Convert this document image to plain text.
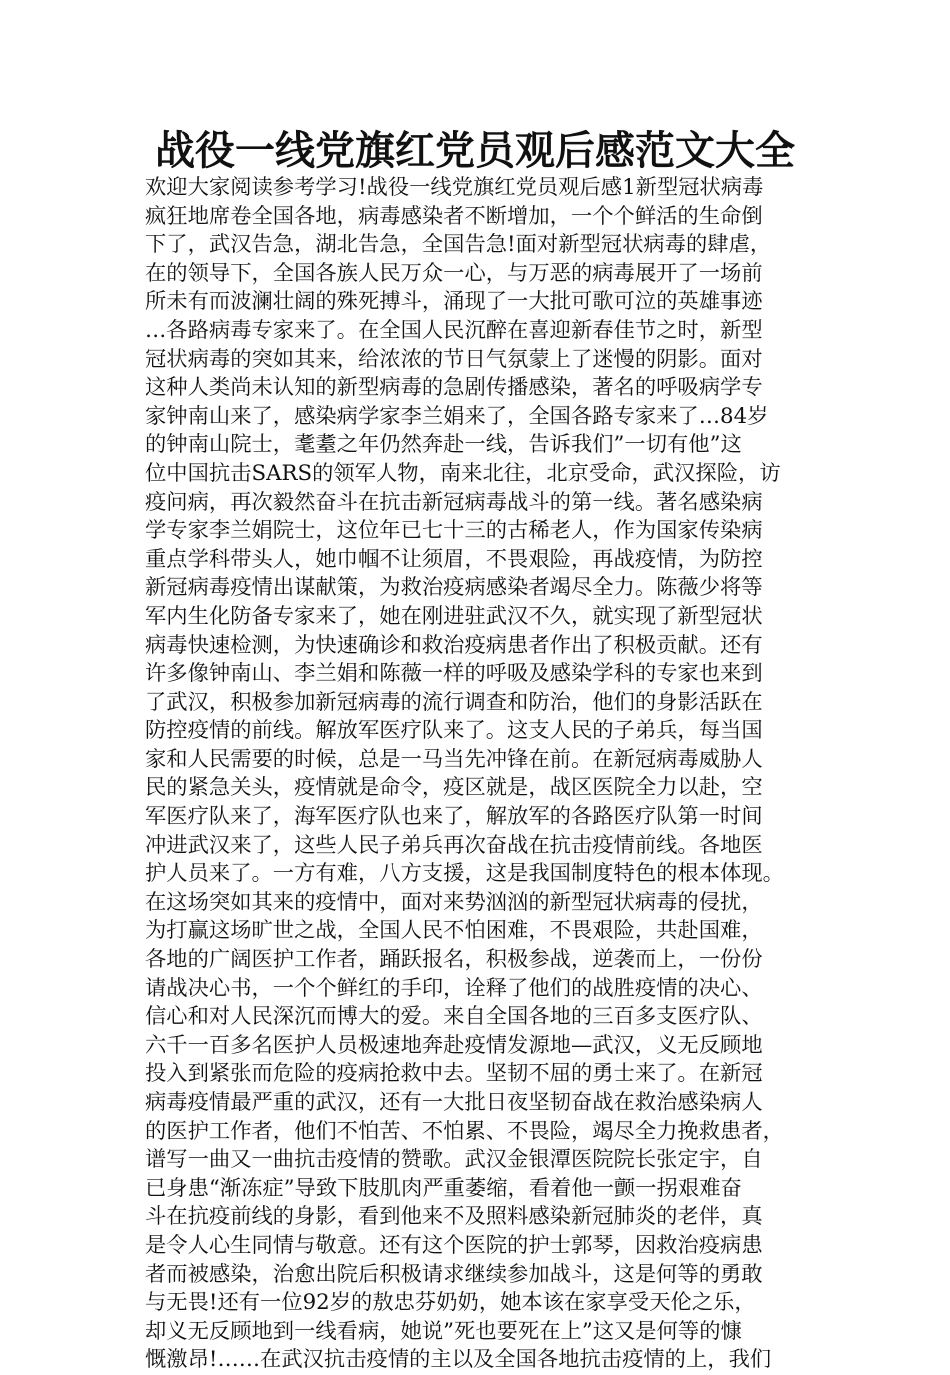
战役一线党旗红党员观后感范文大全
欢迎大家阅读参考学习!战役一线党旗红党员观后感1新型冠状病毒
疯狂地席卷全国各地，病毒感染者不断增加，一个个鲜活的生命倒
下了，武汉告急，湖北告急，全国告急!面对新型冠状病毒的肆虐，
在的领导下，全国各族人民万众一心，与万恶的病毒展开了一场前
所未有而波澜壮阔的殊死搏斗，涌现了一大批可歌可泣的英雄事迹
…各路病毒专家来了。在全国人民沉醉在喜迎新春佳节之时，新型
冠状病毒的突如其来，给浓浓的节日气氛蒙上了迷慢的阴影。面对
这种人类尚未认知的新型病毒的急剧传播感染，著名的呼吸病学专
家钟南山来了，感染病学家李兰娟来了，全国各路专家来了…84岁
的钟南山院士，耄耋之年仍然奔赴一线，告诉我们”一切有他”这
位中国抗击SARS的领军人物，南来北往，北京受命，武汉探险，访
疫问病，再次毅然奋斗在抗击新冠病毒战斗的第一线。著名感染病
学专家李兰娟院士，这位年已七十三的古稀老人，作为国家传染病
重点学科带头人，她巾帼不让须眉，不畏艰险，再战疫情，为防控
新冠病毒疫情出谋献策，为救治疫病感染者竭尽全力。陈薇少将等
军内生化防备专家来了，她在刚进驻武汉不久，就实现了新型冠状
病毒快速检测，为快速确诊和救治疫病患者作出了积极贡献。还有
许多像钟南山、李兰娟和陈薇一样的呼吸及感染学科的专家也来到
了武汉，积极参加新冠病毒的流行调查和防治，他们的身影活跃在
防控疫情的前线。解放军医疗队来了。这支人民的子弟兵，每当国
家和人民需要的时候，总是一马当先冲锋在前。在新冠病毒威胁人
民的紧急关头，疫情就是命令，疫区就是，战区医院全力以赴，空
军医疗队来了，海军医疗队也来了，解放军的各路医疗队第一时间
冲进武汉来了，这些人民子弟兵再次奋战在抗击疫情前线。各地医
护人员来了。一方有难，八方支援，这是我国制度特色的根本体现。
在这场突如其来的疫情中，面对来势汹汹的新型冠状病毒的侵扰，
为打赢这场旷世之战，全国人民不怕困难，不畏艰险，共赴国难，
各地的广阔医护工作者，踊跃报名，积极参战，逆袭而上，一份份
请战决心书，一个个鲜红的手印，诠释了他们的战胜疫情的决心、
信心和对人民深沉而博大的爱。来自全国各地的三百多支医疗队、
六千一百多名医护人员极速地奔赴疫情发源地—武汉，义无反顾地
投入到紧张而危险的疫病抢救中去。坚韧不屈的勇士来了。在新冠
病毒疫情最严重的武汉，还有一大批日夜坚韧奋战在救治感染病人
的医护工作者，他们不怕苦、不怕累、不畏险，竭尽全力挽救患者，
谱写一曲又一曲抗击疫情的赞歌。武汉金银潭医院院长张定宇，自
已身患“渐冻症”导致下肢肌肉严重萎缩，看着他一颤一拐艰难奋
斗在抗疫前线的身影，看到他来不及照料感染新冠肺炎的老伴，真
是令人心生同情与敬意。还有这个医院的护士郭琴，因救治疫病患
者而被感染，治愈出院后积极请求继续参加战斗，这是何等的勇敢
与无畏!还有一位92岁的敖忠芬奶奶，她本该在家享受天伦之乐，
却义无反顾地到一线看病，她说”死也要死在上”这又是何等的慷
慨激昂!……在武汉抗击疫情的主以及全国各地抗击疫情的上，我们
